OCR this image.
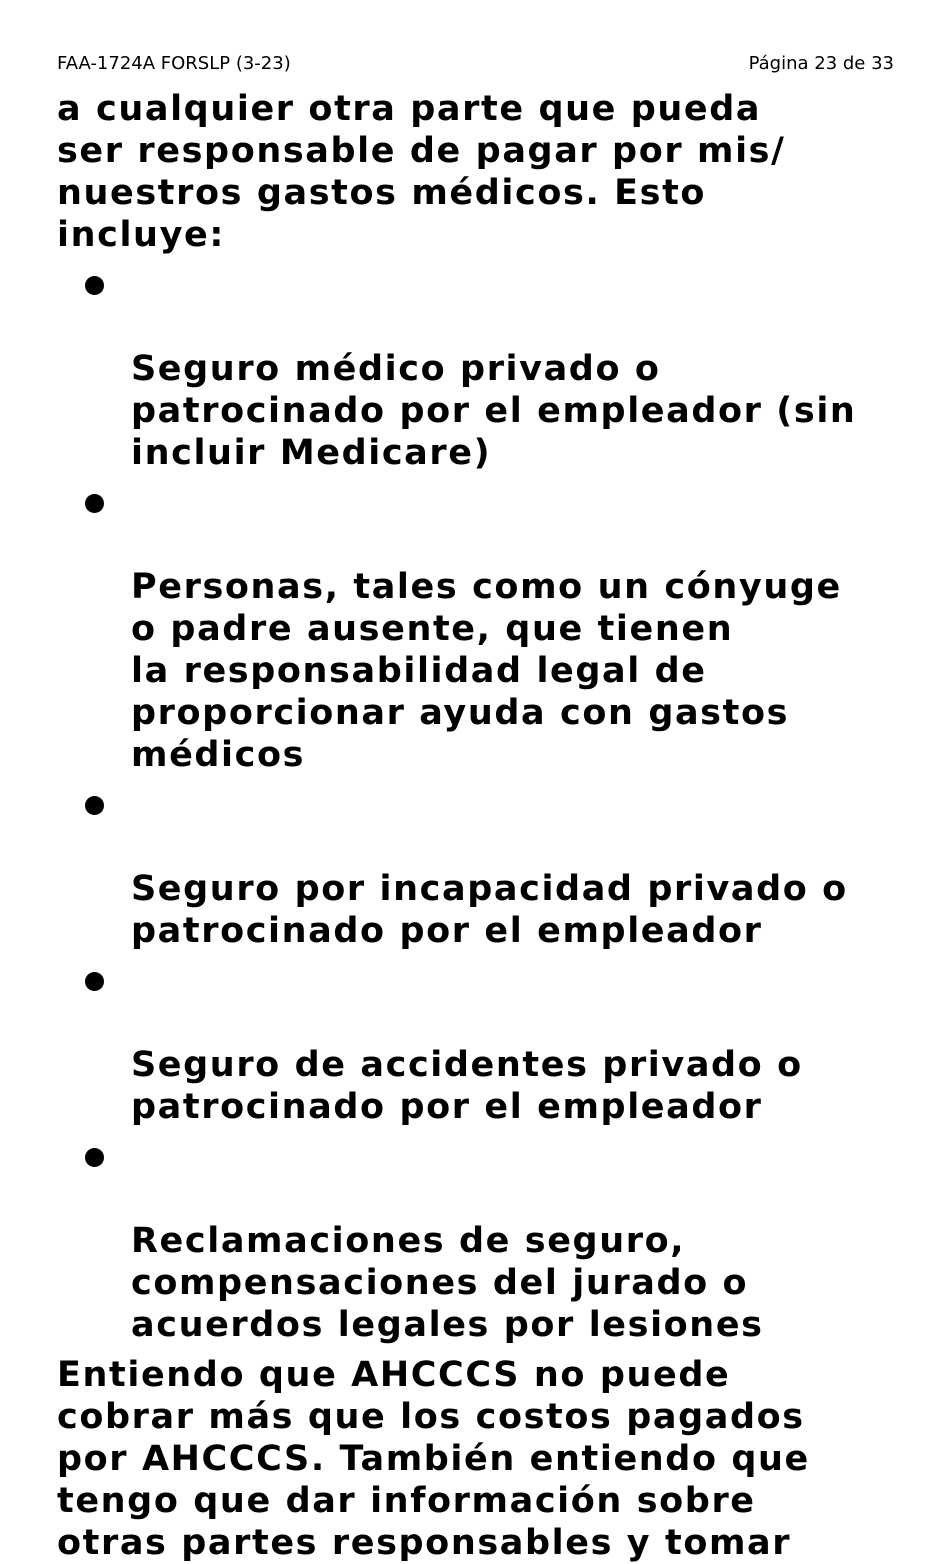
FAA-1724A FORSLP (3-23)	Página 23 de 33

a cualquier otra parte que pueda
ser responsable de pagar por mis/
nuestros gastos médicos. Esto
incluye:

Seguro médico privado o
patrocinado por el empleador (sin
incluir Medicare)

Personas, tales como un cónyuge
o padre ausente, que tienen
la responsabilidad legal de
proporcionar ayuda con gastos
médicos

Seguro por incapacidad privado o
patrocinado por el empleador

Seguro de accidentes privado o
patrocinado por el empleador

Reclamaciones de seguro,
compensaciones del jurado o
acuerdos legales por lesiones

Entiendo que AHCCCS no puede
cobrar más que los costos pagados
por AHCCCS. También entiendo que
tengo que dar información sobre
otras partes responsables y tomar
